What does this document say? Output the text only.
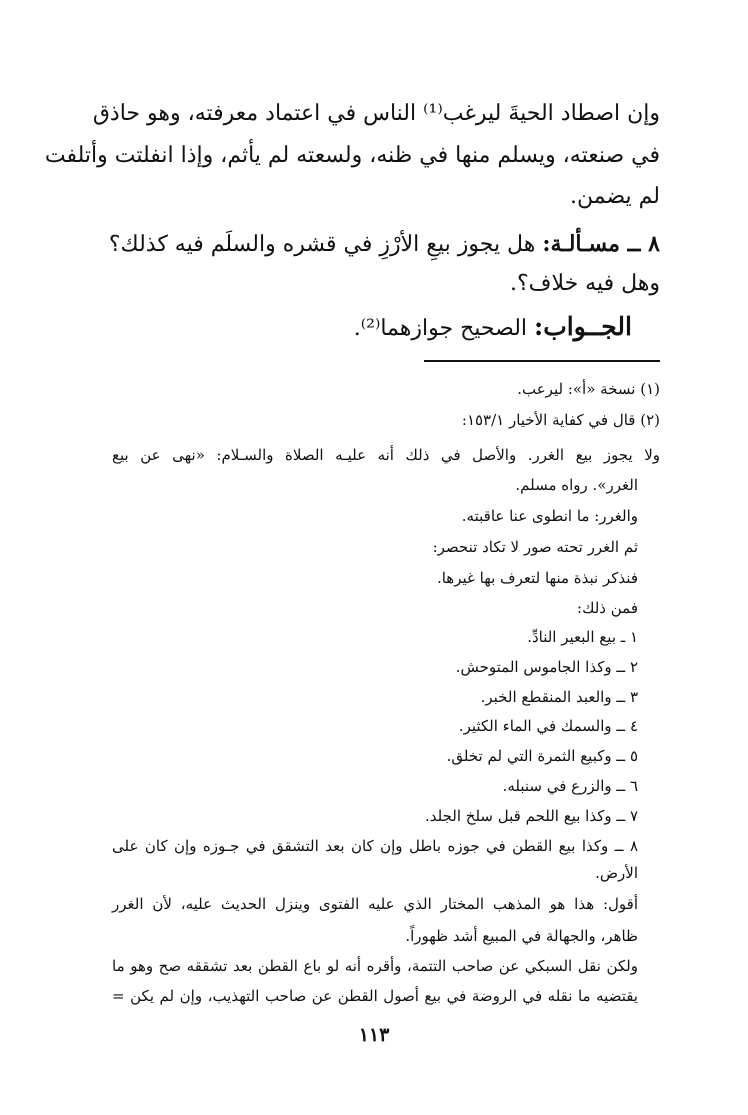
وإن اصطاد الحيةَ ليرغب⁽¹⁾ الناس في اعتماد معرفته، وهو حاذق
في صنعته، ويسلم منها في ظنه، ولسعته لم يأثم، وإذا انفلتت وأتلفت
لم يضمن.
٨ ــ مسـألـة: هل يجوز بيعِ الأرْزِ في قشره والسلَم فيه كذلك؟
وهل فيه خلاف؟.
الجــواب: الصحيح جوازهما⁽²⁾.
(١) نسخة «أ»: ليرعب.
(٢) قال في كفاية الأخيار ١٥٣/١:
ولا يجوز بيع الغرر. والأصل في ذلك أنه عليـه الصلاة والسـلام: «نهى عن بيع
الغرر». رواه مسلم.
والغرر: ما انطوى عنا عاقبته.
ثم الغرر تحته صور لا تكاد تنحصر:
فنذكر نبذة منها لتعرف بها غيرها.
فمن ذلك:
١ ـ بيع البعير النادِّ.
٢ ــ وكذا الجاموس المتوحش.
٣ ــ والعبد المنقطع الخبر.
٤ ــ والسمك في الماء الكثير.
٥ ــ وكبيع الثمرة التي لم تخلق.
٦ ــ والزرع في سنبله.
٧ ــ وكذا بيع اللحم قبل سلخ الجلد.
٨ ــ وكذا بيع القطن في جوزه باطل وإن كان بعد التشقق في جـوزه وإن كان على
الأرض.
أقول: هذا هو المذهب المختار الذي عليه الفتوى وينزل الحديث عليه، لأن الغرر
ظاهر، والجهالة في المبيع أشد ظهوراً.
ولكن نقل السبكي عن صاحب التتمة، وأقره أنه لو باع القطن بعد تشققه صح وهو ما
يقتضيه ما نقله في الروضة في بيع أصول القطن عن صاحب التهذيب، وإن لم يكن =
١١٣
